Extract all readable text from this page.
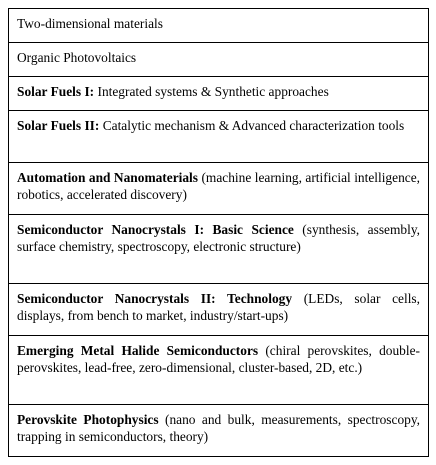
Two-dimensional materials
Organic Photovoltaics
Solar Fuels I: Integrated systems & Synthetic approaches
Solar Fuels II: Catalytic mechanism & Advanced characterization tools
Automation and Nanomaterials (machine learning, artificial intelligence, robotics, accelerated discovery)
Semiconductor Nanocrystals I: Basic Science (synthesis, assembly, surface chemistry, spectroscopy, electronic structure)
Semiconductor Nanocrystals II: Technology (LEDs, solar cells, displays, from bench to market, industry/start-ups)
Emerging Metal Halide Semiconductors (chiral perovskites, double-perovskites, lead-free, zero-dimensional, cluster-based, 2D, etc.)
Perovskite Photophysics (nano and bulk, measurements, spectroscopy, trapping in semiconductors, theory)
